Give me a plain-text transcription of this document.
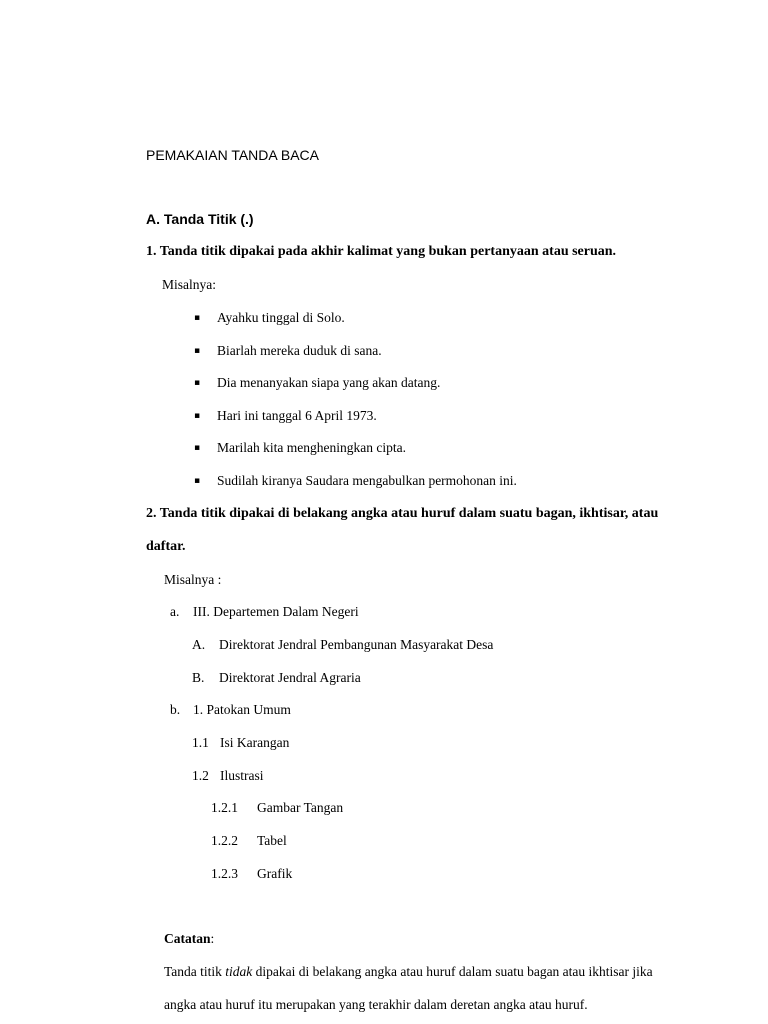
PEMAKAIAN TANDA BACA
A. Tanda Titik (.)
1. Tanda titik dipakai pada akhir kalimat yang bukan pertanyaan atau seruan.
Misalnya:
▪ Ayahku tinggal di Solo.
▪ Biarlah mereka duduk di sana.
▪ Dia menanyakan siapa yang akan datang.
▪ Hari ini tanggal 6 April 1973.
▪ Marilah kita mengheningkan cipta.
▪ Sudilah kiranya Saudara mengabulkan permohonan ini.
2. Tanda titik dipakai di belakang angka atau huruf dalam suatu bagan, ikhtisar, atau
daftar.
Misalnya :
a. III. Departemen Dalam Negeri
A. Direktorat Jendral Pembangunan Masyarakat Desa
B. Direktorat Jendral Agraria
b. 1. Patokan Umum
1.1 Isi Karangan
1.2 Ilustrasi
1.2.1 Gambar Tangan
1.2.2 Tabel
1.2.3 Grafik
Catatan:
Tanda titik tidak dipakai di belakang angka atau huruf dalam suatu bagan atau ikhtisar jika
angka atau huruf itu merupakan yang terakhir dalam deretan angka atau huruf.
